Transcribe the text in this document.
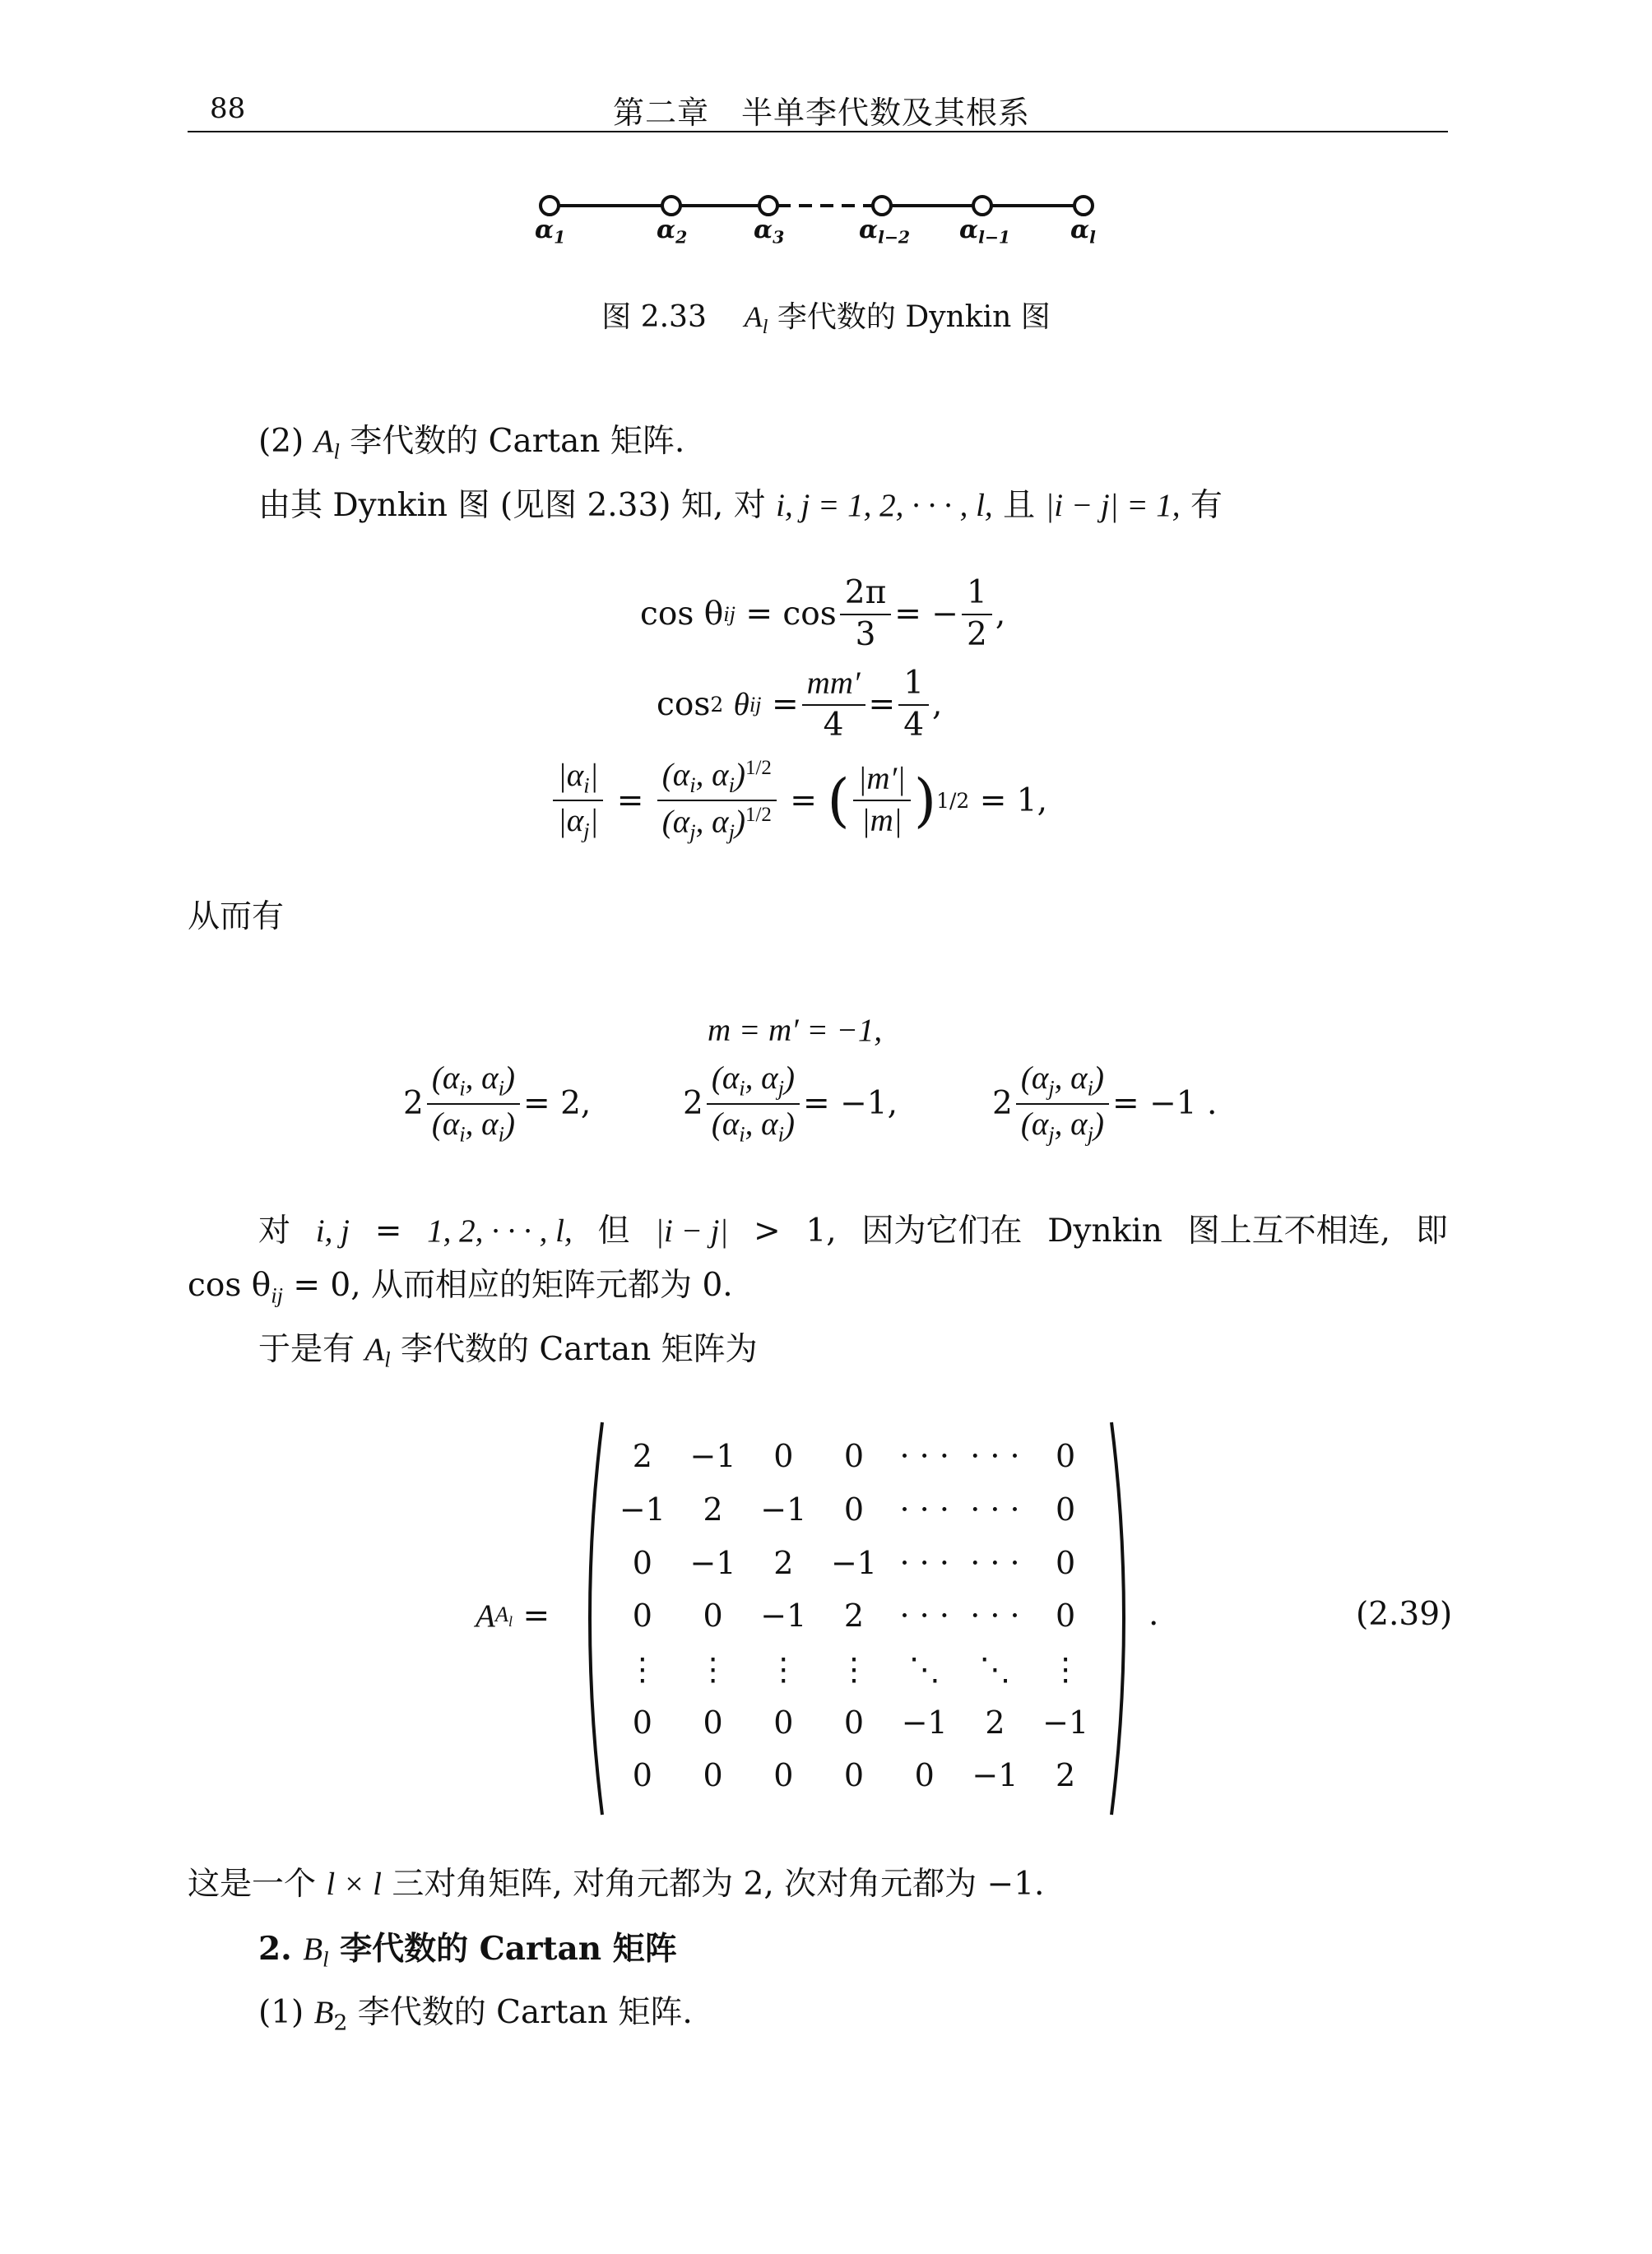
88	第二章　半单李代数及其根系
$\alpha_1$	$\alpha_2$	$\alpha_3$	$\alpha_{l-2}$ $\alpha_{l-1}$ $\alpha_l$
图 2.33 $A_l$ 李代数的 Dynkin 图
(2) $A_l$ 李代数的 Cartan 矩阵.
由其 Dynkin 图 (见图 2.33) 知, 对 i, j = 1, 2, · · · , l, 且 |i − j| = 1, 有
cos θ ij
= $\cos \frac{2\pi}{3}$ = − $\frac{1}{2}$ ,
cos 2
θ ij
= $\frac{mm'}{4} = \frac{1}{4}$ ,
$\frac{|\alpha_i|}{|\alpha_j|} = \frac{(\alpha_i, \alpha_i)^{1/2}}{(\alpha_j, \alpha_j)^{1/2}}$ = ( $\frac{|m'|}{|m|}$ ) 1/2
= 1,
从而有
m = m′ = −1,
$2 \frac{(\alpha_i, \alpha_i)}{(\alpha_i, \alpha_i)} = 2$,	$2 \frac{(\alpha_i, \alpha_j)}{(\alpha_i, \alpha_i)} = -1$,	$2 \frac{(\alpha_j, \alpha_i)}{(\alpha_j, \alpha_j)} = -1$ .
对 i, j = 1, 2, · · · , l, 但 |i − j| > 1, 因为它们在 Dynkin 图上互不相连, 即
$\cos \theta_{ij} = 0$, 从而相应的矩阵元都为 0.
于是有 $A_l$ 李代数的 Cartan 矩阵为
A $A_l$
=
2 −1 0 0 · · · · · · 0
−1 2 −1 0 · · · · · · 0
0 −1 2 −1 · · · · · · 0
0 0 −1 2 · · · · · · 0
⋮ ⋮ ⋮ ⋮ ⋱ ⋱ ⋮
0 0 0 0 −1 2 −1
0 0 0 0 0 −1 2
.	(2.39)
这是一个 l × l 三对角矩阵, 对角元都为 2, 次对角元都为 −1.
2. $B_l$ 李代数的 Cartan 矩阵
(1) $B_2$ 李代数的 Cartan 矩阵.
